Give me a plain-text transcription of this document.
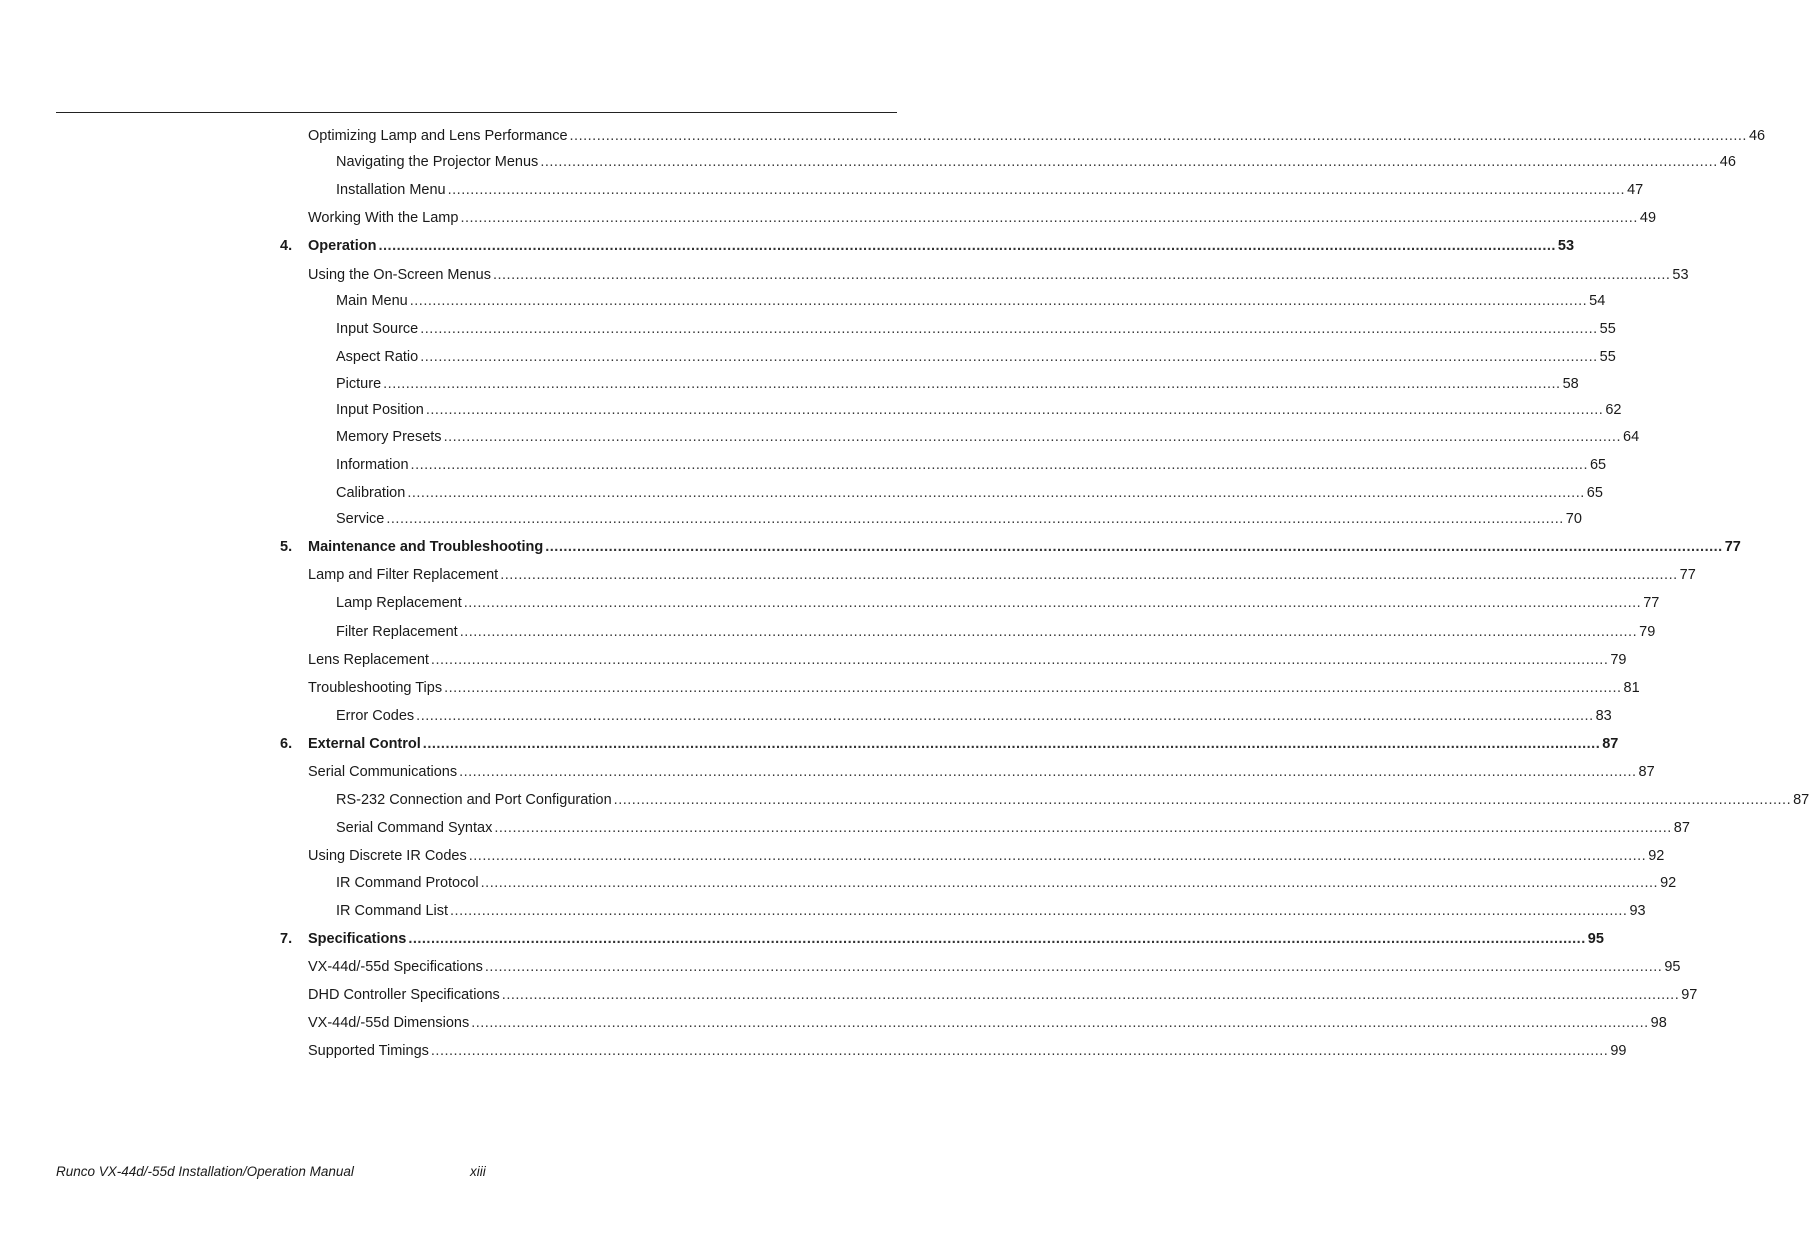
Optimizing Lamp and Lens Performance .................................................................................................................................................................................................................................................................... 46
Navigating the Projector Menus .................................................................................................................................................................................................................................................................... 46
Installation Menu .................................................................................................................................................................................................................................................................... 47
Working With the Lamp .................................................................................................................................................................................................................................................................... 49
4. Operation .................................................................................................................................................................................................................................................................... 53
Using the On-Screen Menus .................................................................................................................................................................................................................................................................... 53
Main Menu .................................................................................................................................................................................................................................................................... 54
Input Source .................................................................................................................................................................................................................................................................... 55
Aspect Ratio .................................................................................................................................................................................................................................................................... 55
Picture .................................................................................................................................................................................................................................................................... 58
Input Position .................................................................................................................................................................................................................................................................... 62
Memory Presets .................................................................................................................................................................................................................................................................... 64
Information .................................................................................................................................................................................................................................................................... 65
Calibration .................................................................................................................................................................................................................................................................... 65
Service .................................................................................................................................................................................................................................................................... 70
5. Maintenance and Troubleshooting .................................................................................................................................................................................................................................................................... 77
Lamp and Filter Replacement .................................................................................................................................................................................................................................................................... 77
Lamp Replacement .................................................................................................................................................................................................................................................................... 77
Filter Replacement .................................................................................................................................................................................................................................................................... 79
Lens Replacement .................................................................................................................................................................................................................................................................... 79
Troubleshooting Tips .................................................................................................................................................................................................................................................................... 81
Error Codes .................................................................................................................................................................................................................................................................... 83
6. External Control .................................................................................................................................................................................................................................................................... 87
Serial Communications .................................................................................................................................................................................................................................................................... 87
RS-232 Connection and Port Configuration .................................................................................................................................................................................................................................................................... 87
Serial Command Syntax .................................................................................................................................................................................................................................................................... 87
Using Discrete IR Codes .................................................................................................................................................................................................................................................................... 92
IR Command Protocol .................................................................................................................................................................................................................................................................... 92
IR Command List .................................................................................................................................................................................................................................................................... 93
7. Specifications .................................................................................................................................................................................................................................................................... 95
VX-44d/-55d Specifications .................................................................................................................................................................................................................................................................... 95
DHD Controller Specifications .................................................................................................................................................................................................................................................................... 97
VX-44d/-55d Dimensions .................................................................................................................................................................................................................................................................... 98
Supported Timings .................................................................................................................................................................................................................................................................... 99
Runco VX-44d/-55d Installation/Operation Manual	xiii
